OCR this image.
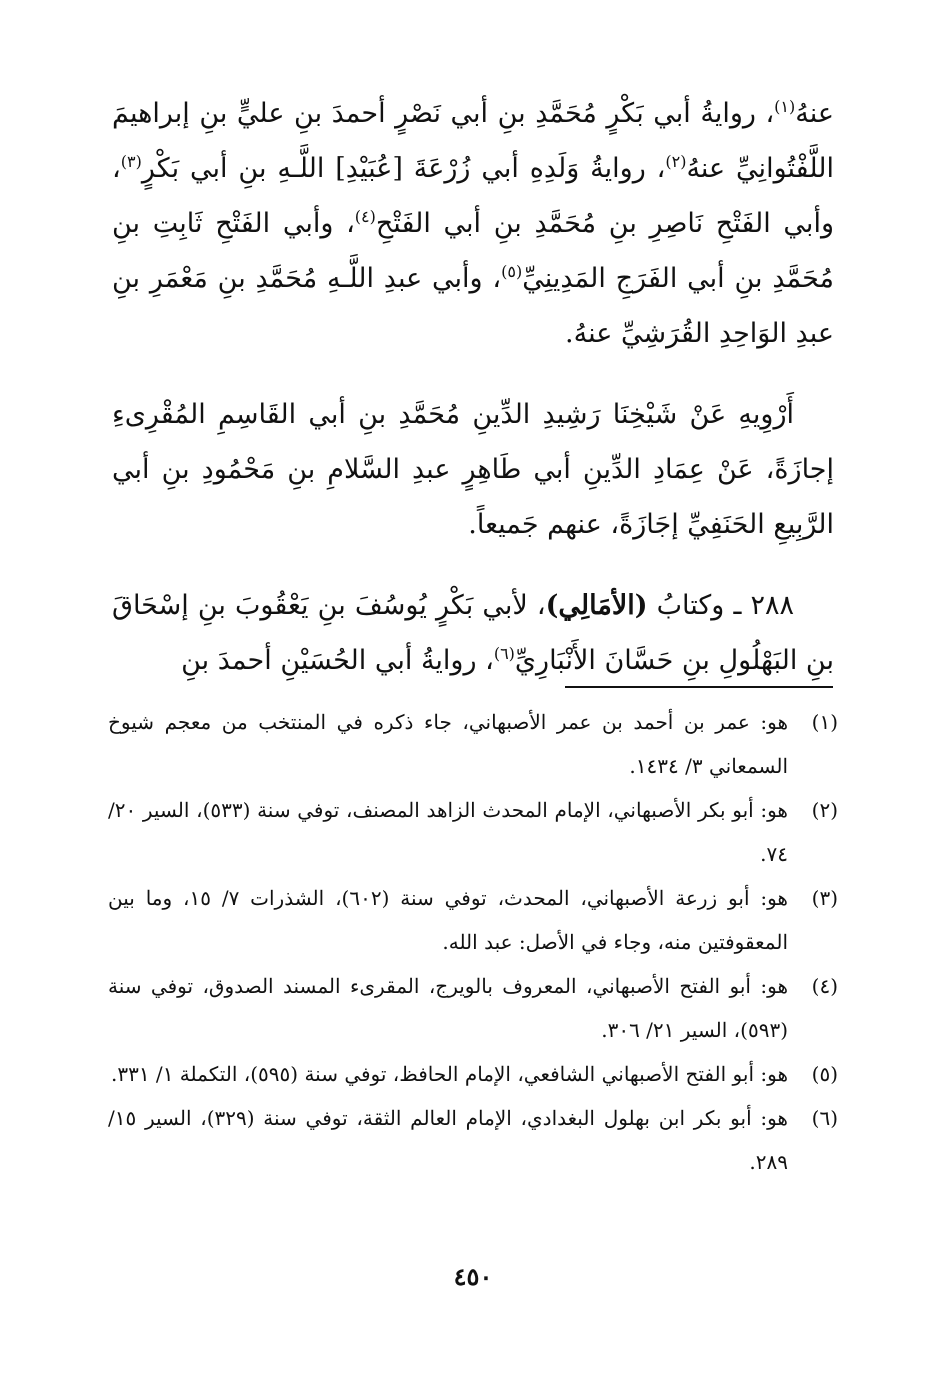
عنهُ$^{(١)}$، روايةُ أبي بَكْرٍ مُحَمَّدِ بنِ أبي نَصْرٍ أحمدَ بنِ عليٍّ بنِ إبراهيمَ اللَّفْتُوانِيِّ عنهُ$^{(٢)}$، روايةُ وَلَدِهِ أبي زُرْعَةَ [عُبَيْدِ] اللَّـهِ بنِ أبي بَكْرٍ$^{(٣)}$، وأبي الفَتْحِ نَاصِرِ بنِ مُحَمَّدِ بنِ أبي الفَتْحِ$^{(٤)}$، وأبي الفَتْحِ ثَابِتِ بنِ مُحَمَّدِ بنِ أبي الفَرَجِ المَدِينِيِّ$^{(٥)}$، وأبي عبدِ اللَّـهِ مُحَمَّدِ بنِ مَعْمَرِ بنِ عبدِ الوَاحِدِ القُرَشِيِّ عنهُ.

أَرْوِيهِ عَنْ شَيْخِنَا رَشِيدِ الدِّينِ مُحَمَّدِ بنِ أبي القَاسِمِ المُقْرِىءِ إجازَةً، عَنْ عِمَادِ الدِّينِ أبي طَاهِرٍ عبدِ السَّلامِ بنِ مَحْمُودِ بنِ أبي الرَّبِيعِ الحَنَفِيِّ إجَازَةً، عنهم جَميعاً.

٢٨٨ ـ وكتابُ (الأمَالِي)، لأبي بَكْرٍ يُوسُفَ بنِ يَعْقُوبَ بنِ إسْحَاقَ بنِ البَهْلُولِ بنِ حَسَّانَ الأَنْبَارِيِّ$^{(٦)}$، روايةُ أبي الحُسَيْنِ أحمدَ بنِ

(١)
هو: عمر بن أحمد بن عمر الأصبهاني، جاء ذكره في المنتخب من معجم شيوخ السمعاني ٣/ ١٤٣٤.
(٢)
هو: أبو بكر الأصبهاني، الإمام المحدث الزاهد المصنف، توفي سنة (٥٣٣)، السير ٢٠/ ٧٤.
(٣)
هو: أبو زرعة الأصبهاني، المحدث، توفي سنة (٦٠٢)، الشذرات ٧/ ١٥، وما بين المعقوفتين منه، وجاء في الأصل: عبد الله.
(٤)
هو: أبو الفتح الأصبهاني، المعروف بالويرج، المقرىء المسند الصدوق، توفي سنة (٥٩٣)، السير ٢١/ ٣٠٦.
(٥)
هو: أبو الفتح الأصبهاني الشافعي، الإمام الحافظ، توفي سنة (٥٩٥)، التكملة ١/ ٣٣١.
(٦)
هو: أبو بكر ابن بهلول البغدادي، الإمام العالم الثقة، توفي سنة (٣٢٩)، السير ١٥/ ٢٨٩.
٤٥٠
